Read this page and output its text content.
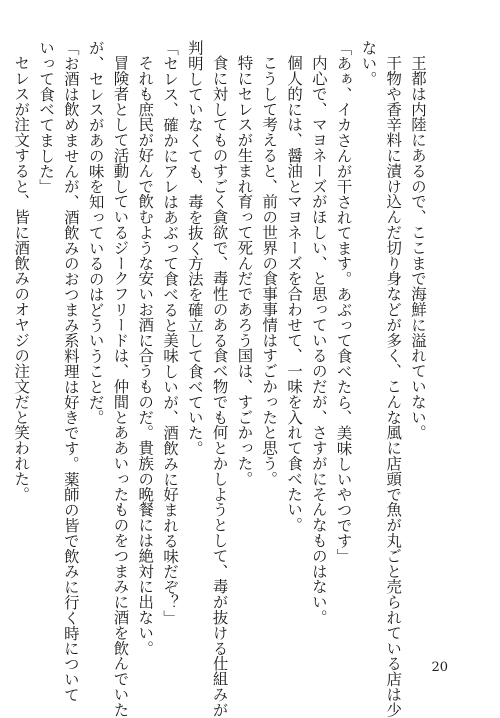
王都は内陸にあるので、ここまで海鮮に溢れていない。

干物や香辛料に漬け込んだ切り身などが多く、こんな風に店頭で魚が丸ごと売られている店は少

ない。

「あぁ、イカさんが干されてます。あぶって食べたら、美味しいやつです」

内心で、マヨネーズがほしい、と思っているのだが、さすがにそんなものはない。

個人的には、醤油とマヨネーズを合わせて、一味を入れて食べたい。

こうして考えると、前の世界の食事事情はすごかったと思う。

特にセレスが生まれ育って死んだであろう国は、すごかった。

食に対してものすごく貪欲で、毒性のある食べ物でも何とかしようとして、毒が抜ける仕組みが

判明していなくても、毒を抜く方法を確立して食べていた。

「セレス、確かにアレはあぶって食べると美味しいが、酒飲みに好まれる味だぞ？」

それも庶民が好んで飲むような安いお酒に合うものだ。貴族の晩餐には絶対に出ない。

冒険者として活動しているジークフリードは、仲間とああいったものをつまみに酒を飲んでいた

が、セレスがあの味を知っているのはどういうことだ。

「お酒は飲めませんが、酒飲みのおつまみ系料理は好きです。薬師の皆で飲みに行く時について

いって食べてました」

セレスが注文すると、皆に酒飲みのオヤジの注文だと笑われた。

20
